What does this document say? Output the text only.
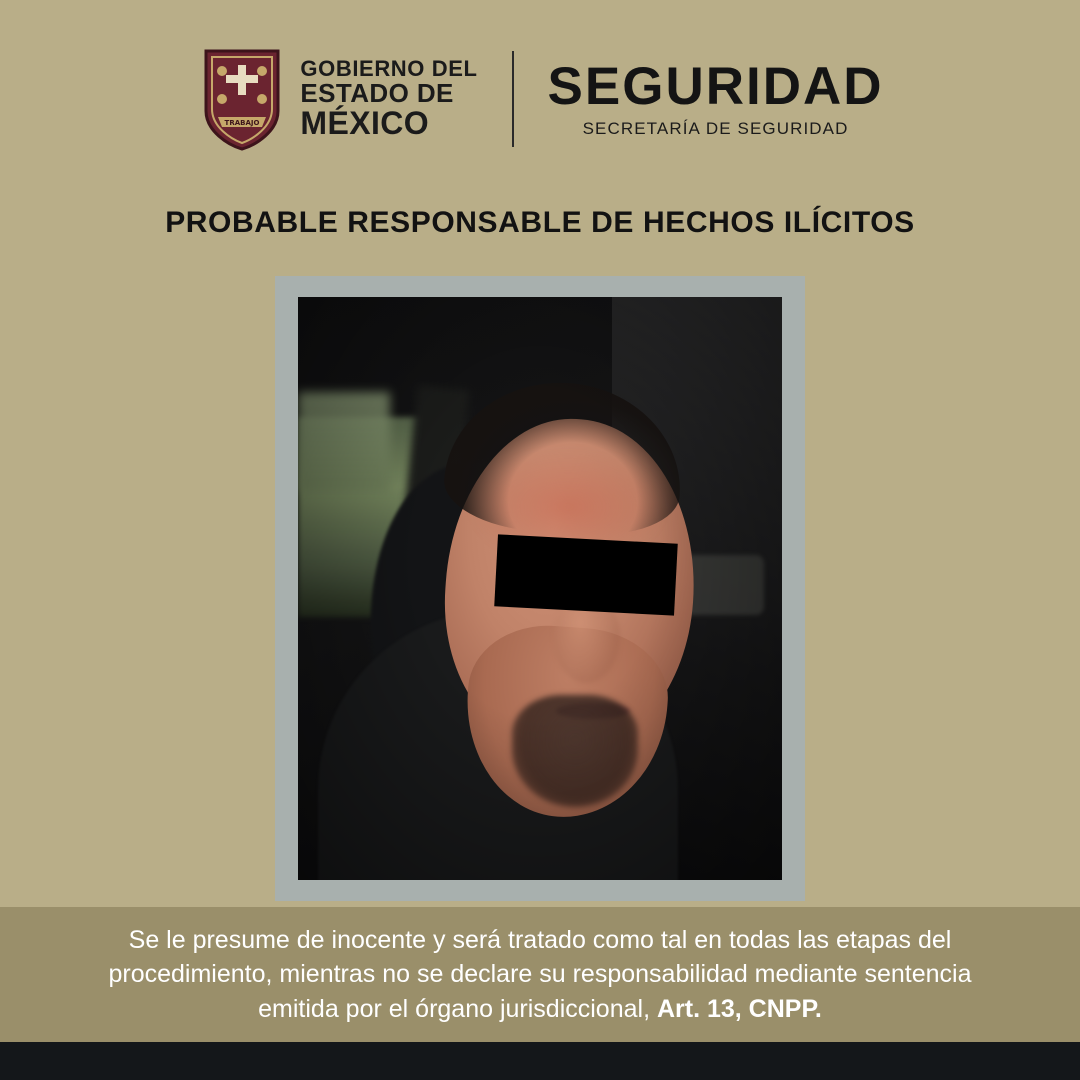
TRABAJO
GOBIERNO DEL
ESTADO DE
MÉXICO
SEGURIDAD
SECRETARÍA DE SEGURIDAD
PROBABLE RESPONSABLE DE HECHOS ILÍCITOS
Se le presume de inocente y será tratado como tal en todas las etapas del procedimiento, mientras no se declare su responsabilidad mediante sentencia emitida por el órgano jurisdiccional, Art. 13, CNPP.
